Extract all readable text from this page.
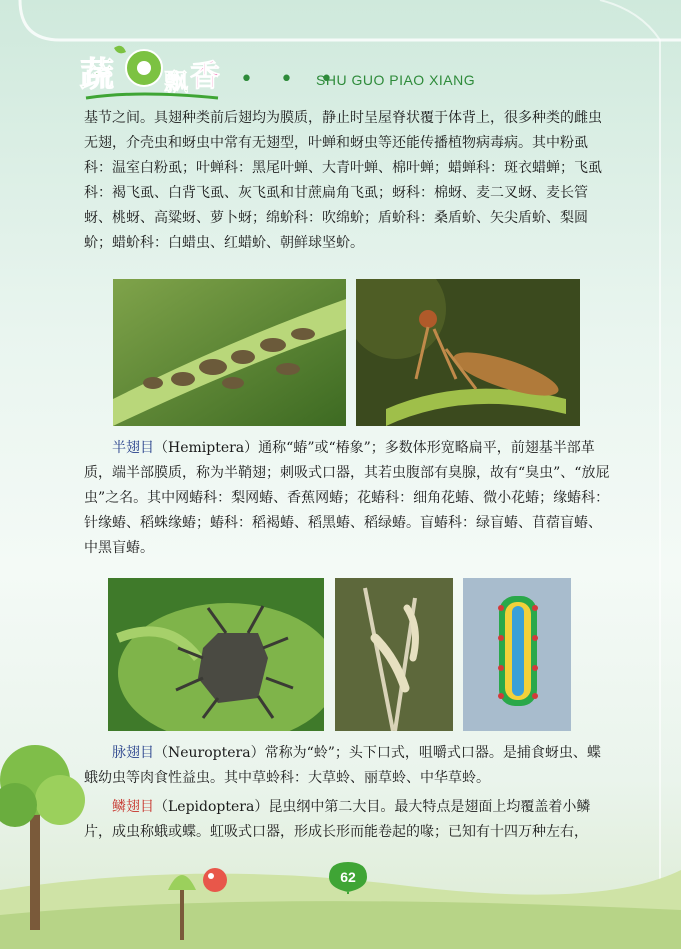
蔬 飘 香 • • •
SHU GUO PIAO XIANG

基节之间。具翅种类前后翅均为膜质，静止时呈屋脊状覆于体背上，很多种类的雌虫无翅，介壳虫和蚜虫中常有无翅型，叶蝉和蚜虫等还能传播植物病毒病。其中粉虱科：温室白粉虱；叶蝉科：黑尾叶蝉、大青叶蝉、棉叶蝉；蜡蝉科：斑衣蜡蝉；飞虱科：褐飞虱、白背飞虱、灰飞虱和甘蔗扁角飞虱；蚜科：棉蚜、麦二叉蚜、麦长管蚜、桃蚜、高粱蚜、萝卜蚜；绵蚧科：吹绵蚧；盾蚧科：桑盾蚧、矢尖盾蚧、梨圆蚧；蜡蚧科：白蜡虫、红蜡蚧、朝鲜球坚蚧。

半翅目（Hemiptera）通称“蝽”或“椿象”；多数体形宽略扁平，前翅基半部革质，端半部膜质，称为半鞘翅；刺吸式口器，其若虫腹部有臭腺，故有“臭虫”、“放屁虫”之名。其中网蝽科：梨网蝽、香蕉网蝽；花蝽科：细角花蝽、微小花蝽；缘蝽科：针缘蝽、稻蛛缘蝽；蝽科：稻褐蝽、稻黑蝽、稻绿蝽。盲蝽科：绿盲蝽、苜蓿盲蝽、中黑盲蝽。

脉翅目（Neuroptera）常称为“蛉”；头下口式，咀嚼式口器。是捕食蚜虫、蝶蛾幼虫等肉食性益虫。其中草蛉科：大草蛉、丽草蛉、中华草蛉。

鳞翅目（Lepidoptera）昆虫纲中第二大目。最大特点是翅面上均覆盖着小鳞片，成虫称蛾或蝶。虹吸式口器，形成长形而能卷起的喙；已知有十四万种左右，

62
